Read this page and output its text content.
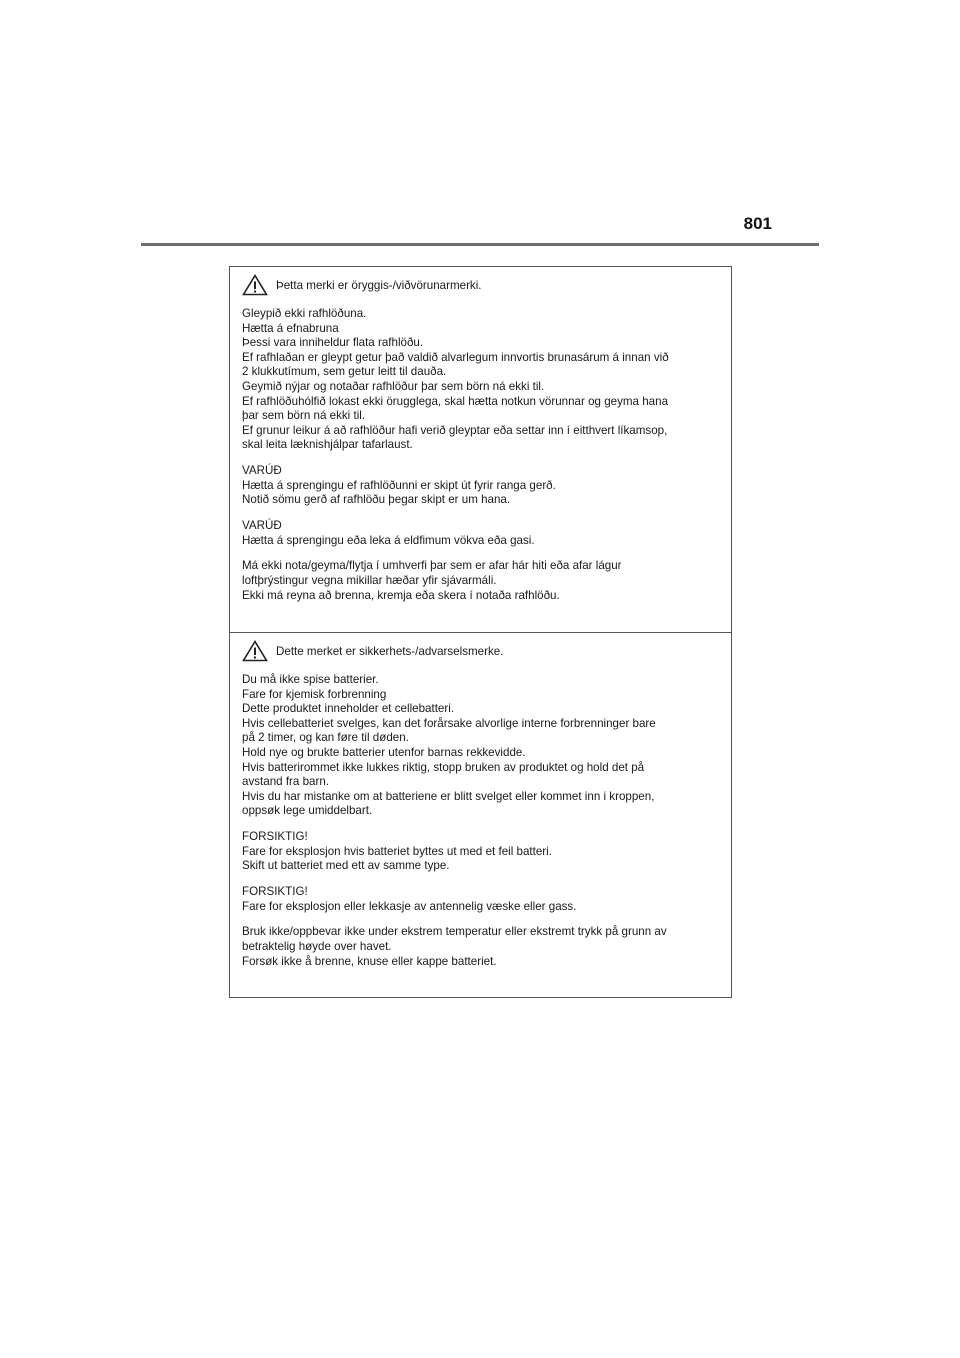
801
Þetta merki er öryggis-/viðvörunarmerki.
Gleypið ekki rafhlöðuna.
Hætta á efnabruna
Þessi vara inniheldur flata rafhlöðu.
Ef rafhlaðan er gleypt getur það valdið alvarlegum innvortis brunasárum á innan við
2 klukkutímum, sem getur leitt til dauða.
Geymið nýjar og notaðar rafhlöður þar sem börn ná ekki til.
Ef rafhlöðuhólfið lokast ekki örugglega, skal hætta notkun vörunnar og geyma hana
þar sem börn ná ekki til.
Ef grunur leikur á að rafhlöður hafi verið gleyptar eða settar inn í eitthvert líkamsop,
skal leita læknishjálpar tafarlaust.
VARÚÐ
Hætta á sprengingu ef rafhlöðunni er skipt út fyrir ranga gerð.
Notið sömu gerð af rafhlöðu þegar skipt er um hana.
VARÚÐ
Hætta á sprengingu eða leka á eldfimum vökva eða gasi.
Má ekki nota/geyma/flytja í umhverfi þar sem er afar hár hiti eða afar lágur
loftþrýstingur vegna mikillar hæðar yfir sjávarmáli.
Ekki má reyna að brenna, kremja eða skera í notaða rafhlöðu.
Dette merket er sikkerhets-/advarselsmerke.
Du må ikke spise batterier.
Fare for kjemisk forbrenning
Dette produktet inneholder et cellebatteri.
Hvis cellebatteriet svelges, kan det forårsake alvorlige interne forbrenninger bare
på 2 timer, og kan føre til døden.
Hold nye og brukte batterier utenfor barnas rekkevidde.
Hvis batterirommet ikke lukkes riktig, stopp bruken av produktet og hold det på
avstand fra barn.
Hvis du har mistanke om at batteriene er blitt svelget eller kommet inn i kroppen,
oppsøk lege umiddelbart.
FORSIKTIG!
Fare for eksplosjon hvis batteriet byttes ut med et feil batteri.
Skift ut batteriet med ett av samme type.
FORSIKTIG!
Fare for eksplosjon eller lekkasje av antennelig væske eller gass.
Bruk ikke/oppbevar ikke under ekstrem temperatur eller ekstremt trykk på grunn av
betraktelig høyde over havet.
Forsøk ikke å brenne, knuse eller kappe batteriet.
